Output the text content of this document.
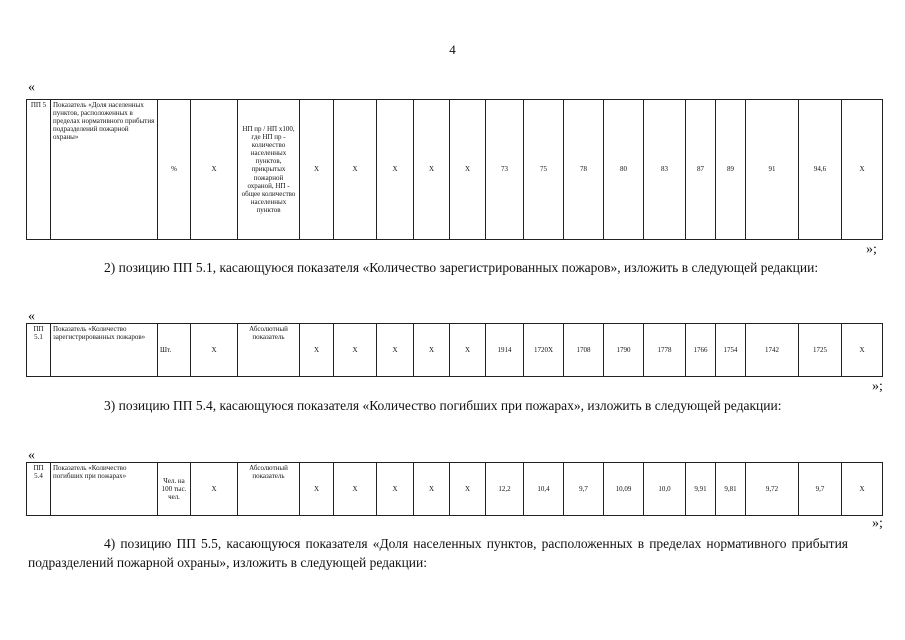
4
«
ПП 5	Показатель «Доля населенных пунктов, расположенных в пределах нормативного прибытия подразделений пожарной охраны»	%	Х	НП пр / НП х100, где НП пр - количество населенных пунктов, прикрытых пожарной охраной, НП - общее количество населенных пунктов	Х	Х	Х	Х	Х	73	75	78	80	83	87	89	91	94,6	Х
»;
2) позицию ПП 5.1, касающуюся показателя «Количество зарегистрированных пожаров», изложить в следующей редакции:
«
ПП 5.1	Показатель «Количество зарегистрированных пожаров»	Шт.	Х	Абсолютный показатель	Х	Х	Х	Х	Х	1914	1720Х	1708	1790	1778	1766	1754	1742	1725	Х
»;
3) позицию ПП 5.4, касающуюся показателя «Количество погибших при пожарах», изложить в следующей редакции:
«
ПП 5.4	Показатель «Количество погибших при пожарах»	Чел. на 100 тыс. чел.	Х	Абсолютный показатель	Х	Х	Х	Х	Х	12,2	10,4	9,7	10,09	10,0	9,91	9,81	9,72	9,7	Х
»;
4) позицию ПП 5.5, касающуюся показателя «Доля населенных пунктов, расположенных в пределах нормативного прибытия подразделений пожарной охраны», изложить в следующей редакции:
